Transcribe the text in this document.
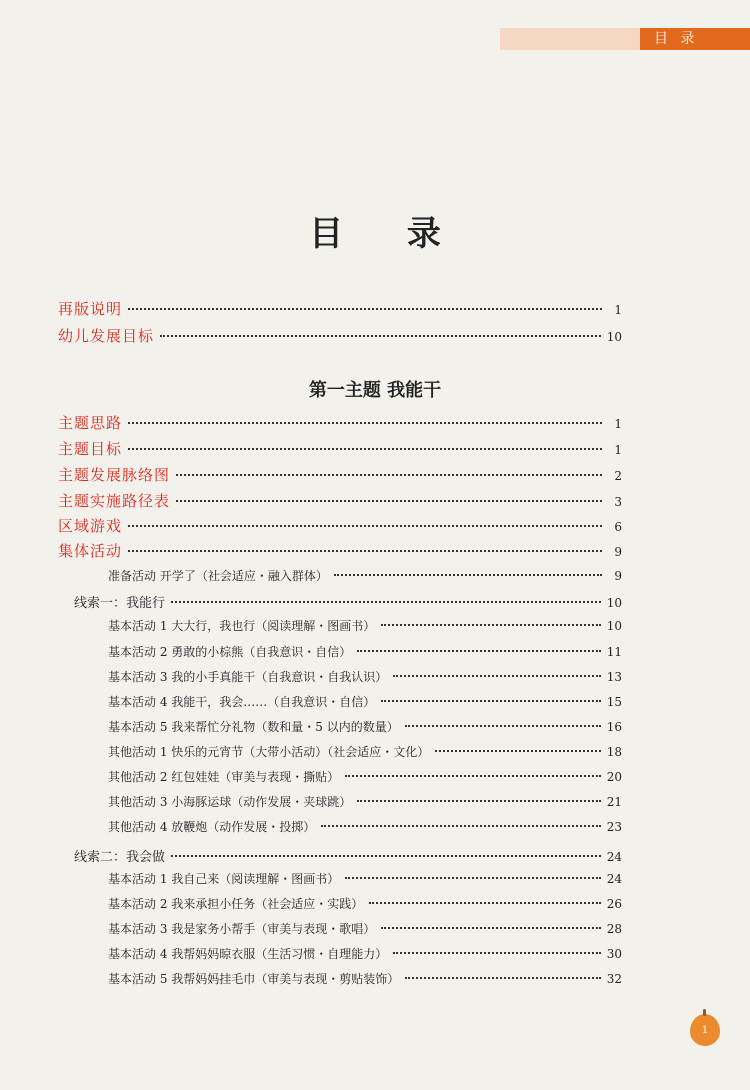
目 录
目 录
再版说明	1
幼儿发展目标	10
第一主题 我能干
主题思路	1
主题目标	1
主题发展脉络图	2
主题实施路径表	3
区域游戏	6
集体活动	9
准备活动 开学了（社会适应・融入群体）	9
线索一：我能行	10
基本活动 1 大大行，我也行（阅读理解・图画书）	10
基本活动 2 勇敢的小棕熊（自我意识・自信）	11
基本活动 3 我的小手真能干（自我意识・自我认识）	13
基本活动 4 我能干，我会……（自我意识・自信）	15
基本活动 5 我来帮忙分礼物（数和量・5 以内的数量）	16
其他活动 1 快乐的元宵节（大带小活动）（社会适应・文化）	18
其他活动 2 红包娃娃（审美与表现・撕贴）	20
其他活动 3 小海豚运球（动作发展・夹球跳）	21
其他活动 4 放鞭炮（动作发展・投掷）	23
线索二：我会做	24
基本活动 1 我自己来（阅读理解・图画书）	24
基本活动 2 我来承担小任务（社会适应・实践）	26
基本活动 3 我是家务小帮手（审美与表现・歌唱）	28
基本活动 4 我帮妈妈晾衣服（生活习惯・自理能力）	30
基本活动 5 我帮妈妈挂毛巾（审美与表现・剪贴装饰）	32
1
